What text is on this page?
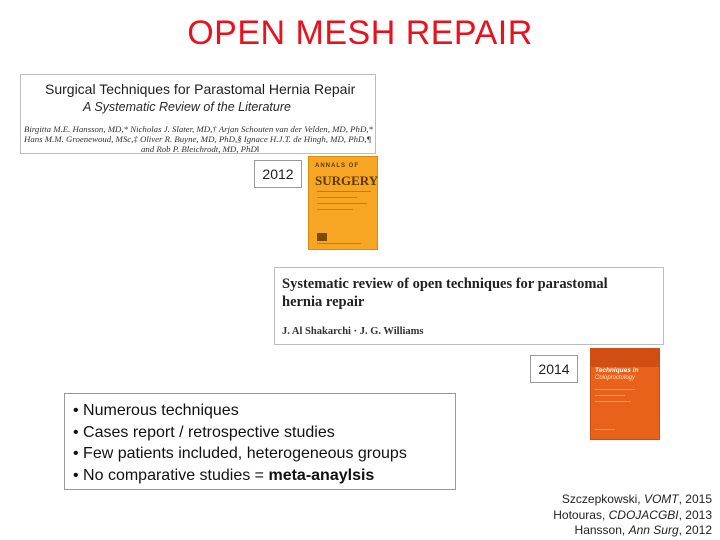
OPEN MESH REPAIR
Surgical Techniques for Parastomal Hernia Repair
A Systematic Review of the Literature
Birgitta M.E. Hansson, MD,* Nicholas J. Slater, MD,† Arjan Schouten van der Velden, MD, PhD,*
Hans M.M. Groenewoud, MSc,‡ Oliver R. Buyne, MD, PhD,§ Ignace H.J.T. de Hingh, MD, PhD,¶
and Rob P. Bleichrodt, MD, PhD‖
2012	ANNALS OF
SURGERY
Systematic review of open techniques for parastomal
hernia repair
J. Al Shakarchi · J. G. Williams
2014	Techniques in
Coloproctology
• Numerous techniques
• Cases report / retrospective studies
• Few patients included, heterogeneous groups
• No comparative studies = meta-anaylsis
Szczepkowski, VOMT, 2015
Hotouras, CDOJACGBI, 2013
Hansson, Ann Surg, 2012
